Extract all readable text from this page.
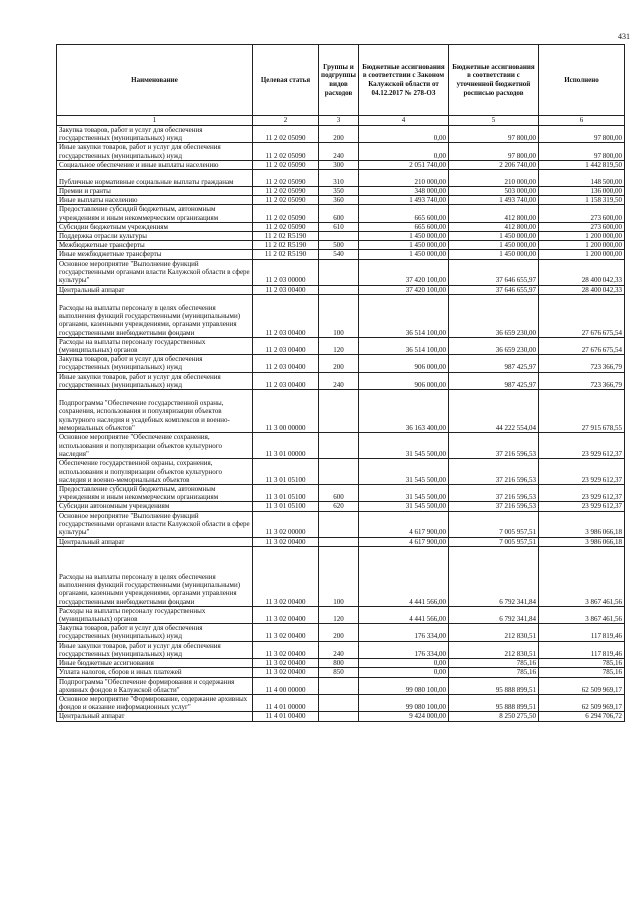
431
Наименование	Целевая статья	Группы и подгруппы видов расходов	Бюджетные ассигнования в соответствии с Законом Калужской области от 04.12.2017 № 278-ОЗ	Бюджетные ассигнования в соответствии с уточненной бюджетной росписью расходов	Исполнено
1	2	3	4	5	6
Закупка товаров, работ и услуг для обеспечения государственных (муниципальных) нужд	11 2 02 05090	200	0,00	97 800,00	97 800,00
Иные закупки товаров, работ и услуг для обеспечения государственных (муниципальных) нужд	11 2 02 05090	240	0,00	97 800,00	97 800,00
Социальное обеспечение и иные выплаты населению	11 2 02 05090	300	2 051 740,00	2 206 740,00	1 442 819,50
Публичные нормативные социальные выплаты гражданам	11 2 02 05090	310	210 000,00	210 000,00	148 500,00
Премии и гранты	11 2 02 05090	350	348 000,00	503 000,00	136 000,00
Иные выплаты населению	11 2 02 05090	360	1 493 740,00	1 493 740,00	1 158 319,50
Предоставление субсидий бюджетным, автономным учреждениям и иным некоммерческим организациям	11 2 02 05090	600	665 600,00	412 800,00	273 600,00
Субсидии бюджетным учреждениям	11 2 02 05090	610	665 600,00	412 800,00	273 600,00
Поддержка отрасли культуры	11 2 02 R5190		1 450 000,00	1 450 000,00	1 200 000,00
Межбюджетные трансферты	11 2 02 R5190	500	1 450 000,00	1 450 000,00	1 200 000,00
Иные межбюджетные трансферты	11 2 02 R5190	540	1 450 000,00	1 450 000,00	1 200 000,00
Основное мероприятие "Выполнение функций государственными органами власти Калужской области в сфере культуры"	11 2 03 00000		37 420 100,00	37 646 655,97	28 400 042,33
Центральный аппарат	11 2 03 00400		37 420 100,00	37 646 655,97	28 400 042,33
Расходы на выплаты персоналу в целях обеспечения выполнения функций государственными (муниципальными) органами, казенными учреждениями, органами управления государственными внебюджетными фондами	11 2 03 00400	100	36 514 100,00	36 659 230,00	27 676 675,54
Расходы на выплаты персоналу государственных (муниципальных) органов	11 2 03 00400	120	36 514 100,00	36 659 230,00	27 676 675,54
Закупка товаров, работ и услуг для обеспечения государственных (муниципальных) нужд	11 2 03 00400	200	906 000,00	987 425,97	723 366,79
Иные закупки товаров, работ и услуг для обеспечения государственных (муниципальных) нужд	11 2 03 00400	240	906 000,00	987 425,97	723 366,79
Подпрограмма "Обеспечение государственной охраны, сохранения, использования и популяризации объектов культурного наследия и усадебных комплексов и военно-мемориальных объектов"	11 3 00 00000		36 163 400,00	44 222 554,04	27 915 678,55
Основное мероприятие "Обеспечение сохранения, использования и популяризации объектов культурного наследия"	11 3 01 00000		31 545 500,00	37 216 596,53	23 929 612,37
Обеспечение государственной охраны, сохранения, использования и популяризации объектов культурного наследия и военно-мемориальных объектов	11 3 01 05100		31 545 500,00	37 216 596,53	23 929 612,37
Предоставление субсидий бюджетным, автономным учреждениям и иным некоммерческим организациям	11 3 01 05100	600	31 545 500,00	37 216 596,53	23 929 612,37
Субсидии автономным учреждениям	11 3 01 05100	620	31 545 500,00	37 216 596,53	23 929 612,37
Основное мероприятие "Выполнение функций государственными органами власти Калужской области в сфере культуры"	11 3 02 00000		4 617 900,00	7 005 957,51	3 986 066,18
Центральный аппарат	11 3 02 00400		4 617 900,00	7 005 957,51	3 986 066,18
Расходы на выплаты персоналу в целях обеспечения выполнения функций государственными (муниципальными) органами, казенными учреждениями, органами управления государственными внебюджетными фондами	11 3 02 00400	100	4 441 566,00	6 792 341,84	3 867 461,56
Расходы на выплаты персоналу государственных (муниципальных) органов	11 3 02 00400	120	4 441 566,00	6 792 341,84	3 867 461,56
Закупка товаров, работ и услуг для обеспечения государственных (муниципальных) нужд	11 3 02 00400	200	176 334,00	212 830,51	117 819,46
Иные закупки товаров, работ и услуг для обеспечения государственных (муниципальных) нужд	11 3 02 00400	240	176 334,00	212 830,51	117 819,46
Иные бюджетные ассигнования	11 3 02 00400	800	0,00	785,16	785,16
Уплата налогов, сборов и иных платежей	11 3 02 00400	850	0,00	785,16	785,16
Подпрограмма "Обеспечение формирования и содержания архивных фондов в Калужской области"	11 4 00 00000		99 080 100,00	95 888 899,51	62 509 969,17
Основное мероприятие "Формирование, содержание архивных фондов и оказание информационных услуг"	11 4 01 00000		99 080 100,00	95 888 899,51	62 509 969,17
Центральный аппарат	11 4 01 00400		9 424 000,00	8 250 275,50	6 294 706,72
